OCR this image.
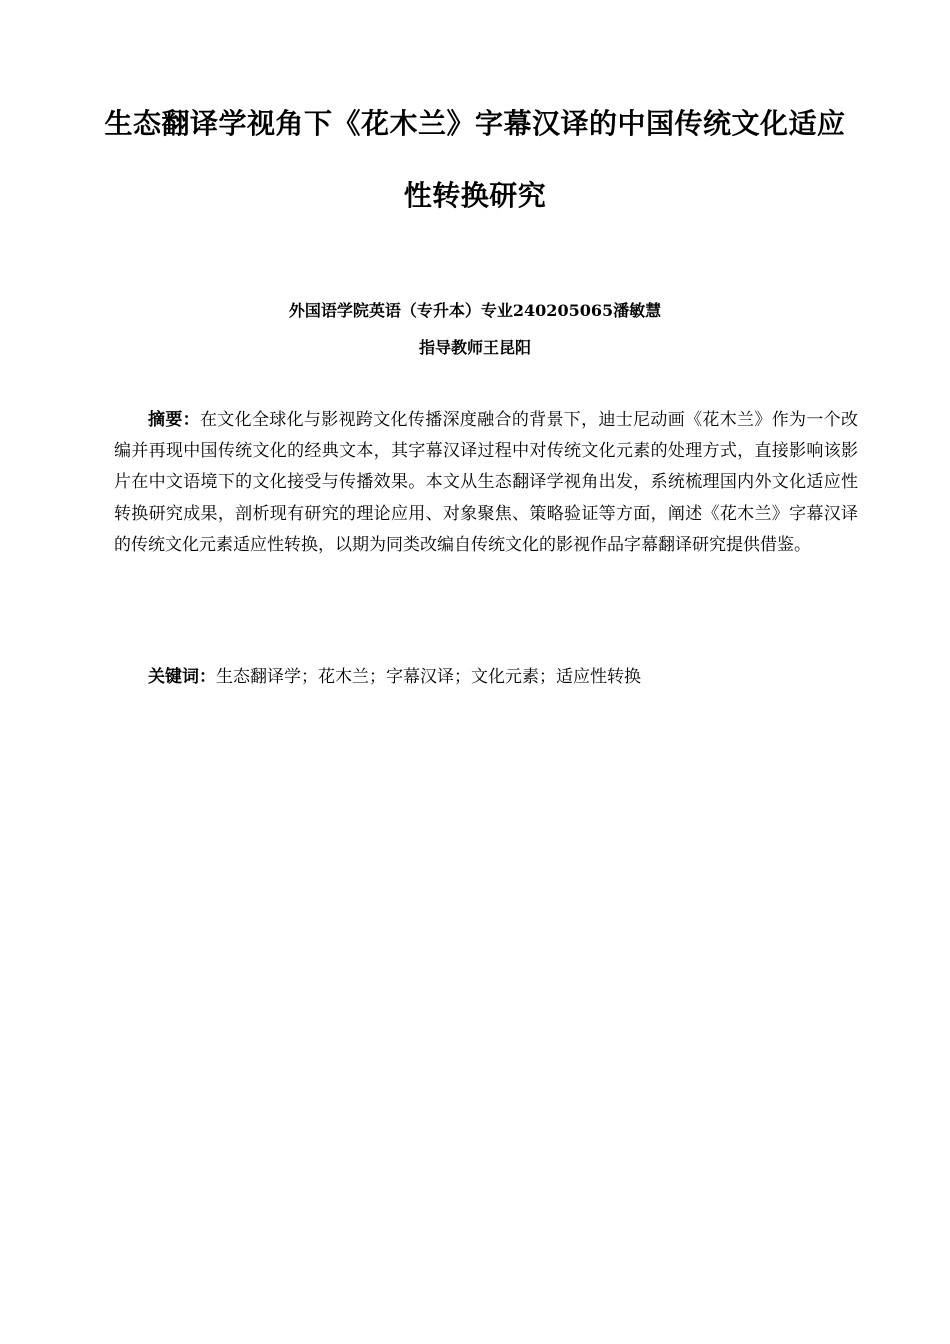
生态翻译学视角下《花木兰》字幕汉译的中国传统文化适应性转换研究
外国语学院英语（专升本）专业240205065潘敏慧
指导教师王昆阳

摘要：在文化全球化与影视跨文化传播深度融合的背景下，迪士尼动画《花木兰》作为一个改编并再现中国传统文化的经典文本，其字幕汉译过程中对传统文化元素的处理方式，直接影响该影片在中文语境下的文化接受与传播效果。本文从生态翻译学视角出发，系统梳理国内外文化适应性转换研究成果，剖析现有研究的理论应用、对象聚焦、策略验证等方面，阐述《花木兰》字幕汉译的传统文化元素适应性转换，以期为同类改编自传统文化的影视作品字幕翻译研究提供借鉴。

关键词：生态翻译学；花木兰；字幕汉译；文化元素；适应性转换
